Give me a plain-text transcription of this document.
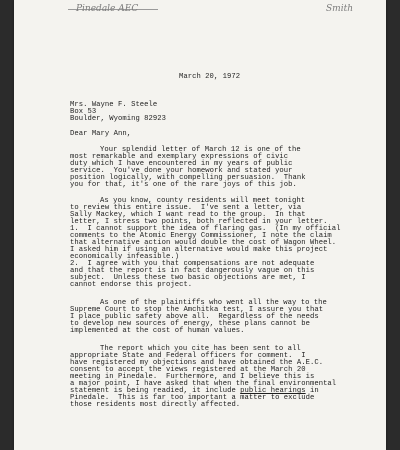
Pinedale AEC	Smith
March 20, 1972
Mrs. Wayne F. Steele
Box 53
Boulder, Wyoming 82923
Dear Mary Ann,
Your splendid letter of March 12 is one of the
most remarkable and exemplary expressions of civic
duty which I have encountered in my years of public
service.  You've done your homework and stated your
position logically, with compelling persuasion.  Thank
you for that, it's one of the rare joys of this job.
As you know, county residents will meet tonight
to review this entire issue.  I've sent a letter, via
Sally Mackey, which I want read to the group.  In that
letter, I stress two points, both reflected in your letter.
1.  I cannot support the idea of flaring gas.  (In my official
comments to the Atomic Energy Commissioner, I note the claim
that alternative action would double the cost of Wagon Wheel.
I asked him if using an alternative would make this project
economically infeasible.)
2.  I agree with you that compensations are not adequate
and that the report is in fact dangerously vague on this
subject.  Unless these two basic objections are met, I
cannot endorse this project.
As one of the plaintiffs who went all the way to the
Supreme Court to stop the Amchitka test, I assure you that
I place public safety above all.  Regardless of the needs
to develop new sources of energy, these plans cannot be
implemented at the cost of human values.
The report which you cite has been sent to all
appropriate State and Federal officers for comment.  I
have registered my objections and have obtained the A.E.C.
consent to accept the views registered at the March 20
meeting in Pinedale.  Furthermore, and I believe this is
a major point, I have asked that when the final environmental
statement is being readied, it include public hearings in
Pinedale.  This is far too important a matter to exclude
those residents most directly affected.
